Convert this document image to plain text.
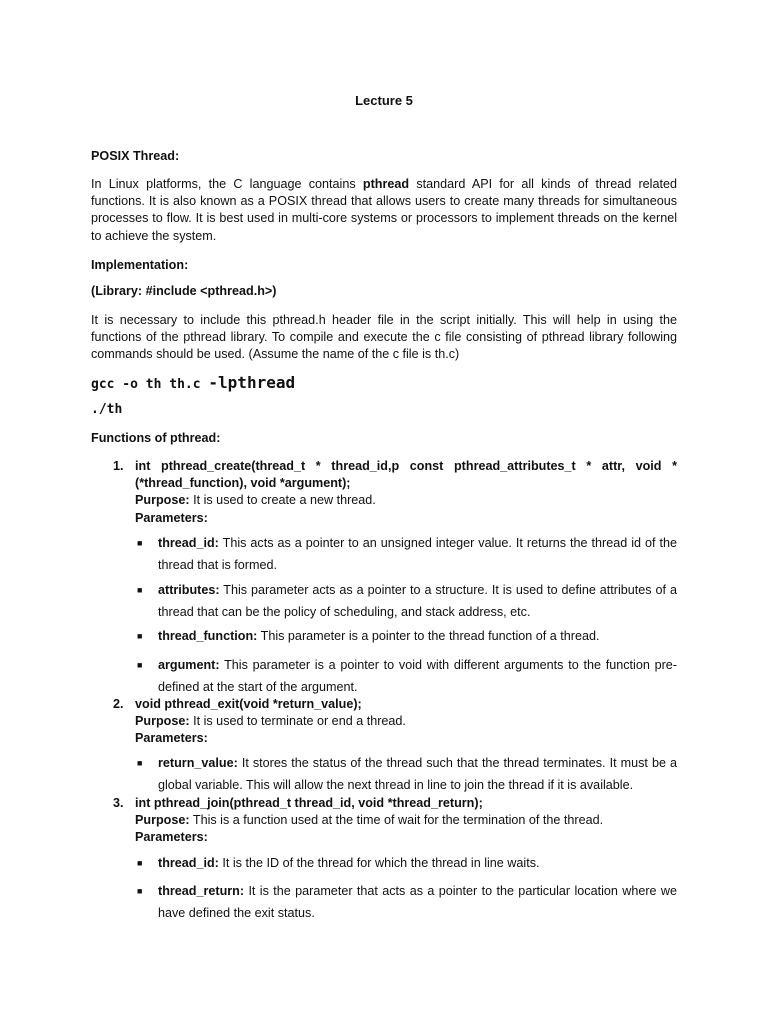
Lecture 5
POSIX Thread:
In Linux platforms, the C language contains pthread standard API for all kinds of thread related functions. It is also known as a POSIX thread that allows users to create many threads for simultaneous processes to flow. It is best used in multi-core systems or processors to implement threads on the kernel to achieve the system.
Implementation:
(Library: #include <pthread.h>)
It is necessary to include this pthread.h header file in the script initially. This will help in using the functions of the pthread library. To compile and execute the c file consisting of pthread library following commands should be used. (Assume the name of the c file is th.c)
gcc -o th th.c -lpthread
./th
Functions of pthread:
1. int pthread_create(thread_t * thread_id,p const pthread_attributes_t * attr, void * (*thread_function), void *argument);
Purpose: It is used to create a new thread.
Parameters:
■ thread_id: This acts as a pointer to an unsigned integer value. It returns the thread id of the thread that is formed.
■ attributes: This parameter acts as a pointer to a structure. It is used to define attributes of a thread that can be the policy of scheduling, and stack address, etc.
■ thread_function: This parameter is a pointer to the thread function of a thread.
■ argument: This parameter is a pointer to void with different arguments to the function pre-defined at the start of the argument.
2. void pthread_exit(void *return_value);
Purpose: It is used to terminate or end a thread.
Parameters:
■ return_value: It stores the status of the thread such that the thread terminates. It must be a global variable. This will allow the next thread in line to join the thread if it is available.
3. int pthread_join(pthread_t thread_id, void *thread_return);
Purpose: This is a function used at the time of wait for the termination of the thread.
Parameters:
■ thread_id: It is the ID of the thread for which the thread in line waits.
■ thread_return: It is the parameter that acts as a pointer to the particular location where we have defined the exit status.
